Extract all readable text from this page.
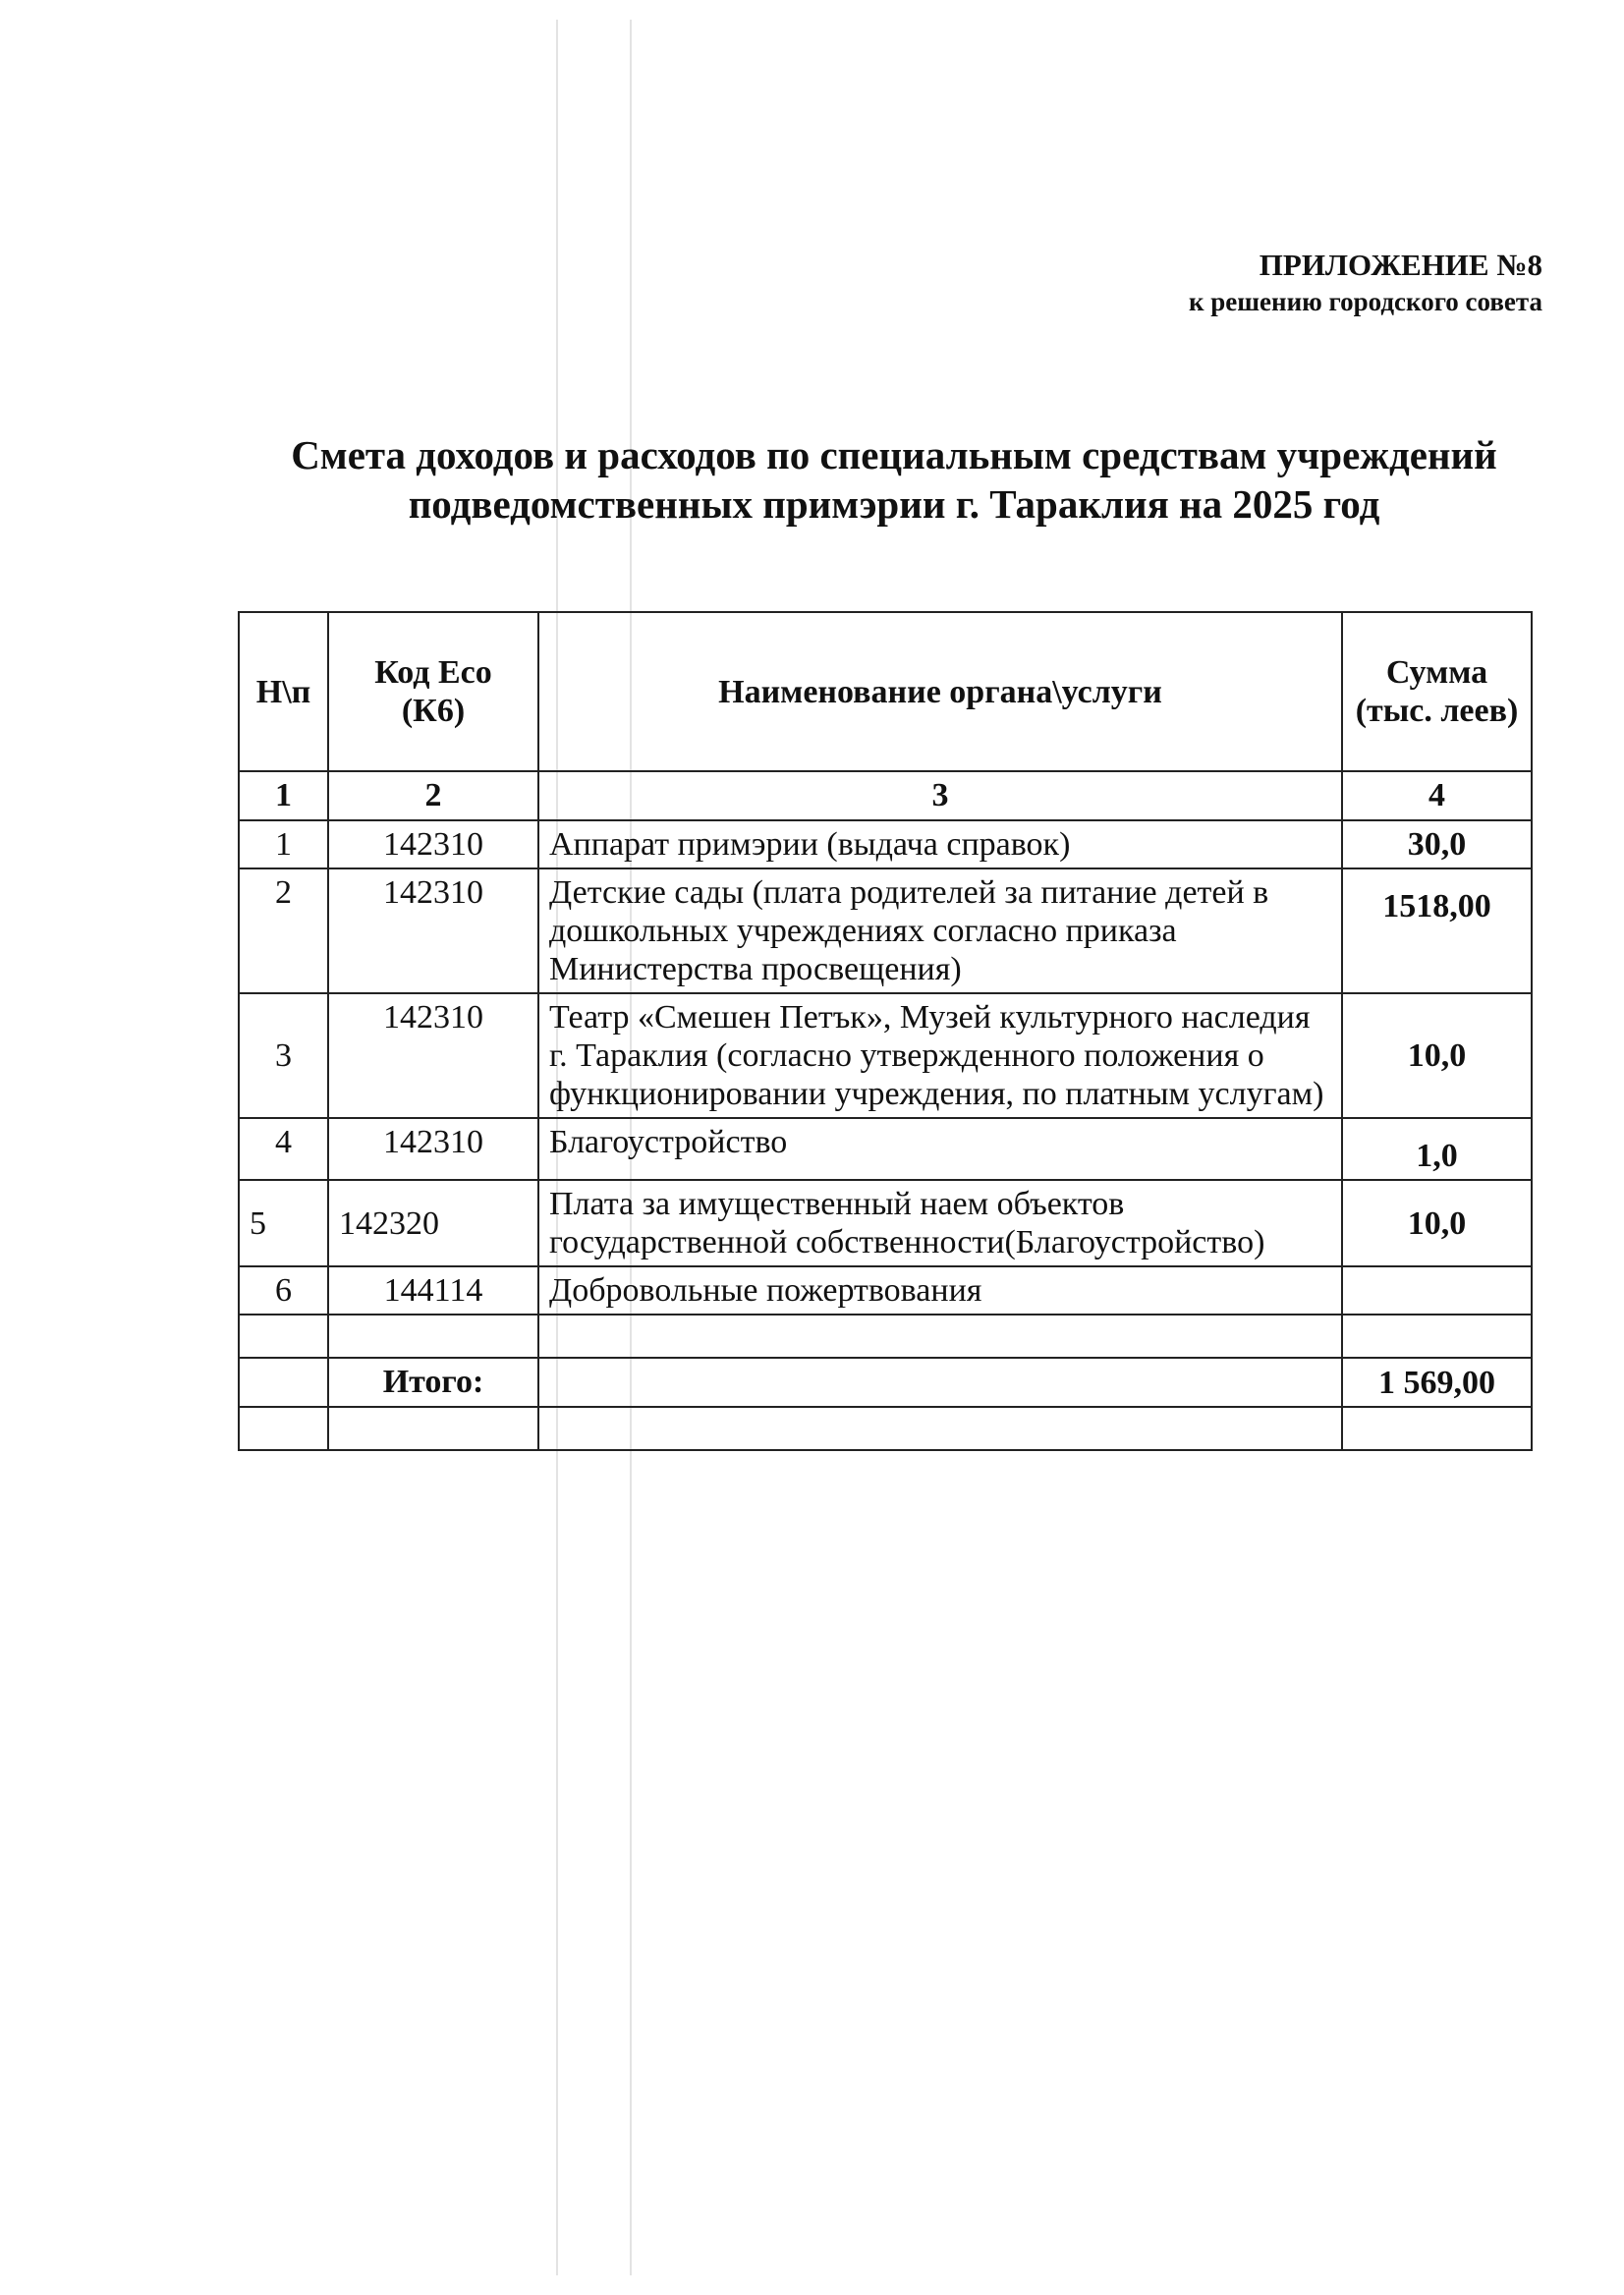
ПРИЛОЖЕНИЕ №8
к решению городского совета
Смета доходов и расходов по специальным средствам учреждений
подведомственных примэрии г. Тараклия на 2025 год
Н\п	Код Eco (К6)	Наименование органа\услуги	Сумма (тыс. леев)
1	2	3	4
1	142310	Аппарат примэрии (выдача справок)	30,0
2	142310	Детские сады (плата родителей за питание детей в дошкольных учреждениях согласно приказа Министерства просвещения)	1518,00
3	142310	Театр «Смешен Петък», Музей культурного наследия г. Тараклия (согласно утвержденного положения о функционировании учреждения, по платным услугам)	10,0
4	142310	Благоустройство	1,0
5	142320	Плата за имущественный наем объектов государственной собственности(Благоустройство)	10,0
6	144114	Добровольные пожертвования	

	Итого:		1 569,00
